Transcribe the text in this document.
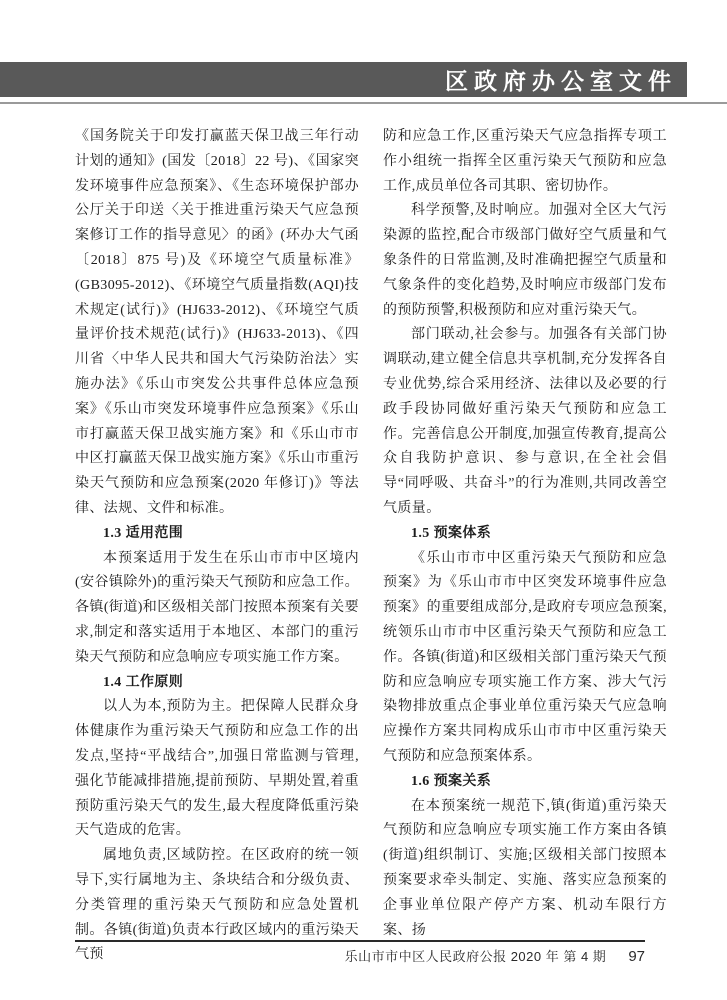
区政府办公室文件

《国务院关于印发打赢蓝天保卫战三年行动计划的通知》(国发〔2018〕22 号)、《国家突发环境事件应急预案》、《生态环境保护部办公厅关于印送〈关于推进重污染天气应急预案修订工作的指导意见〉的函》(环办大气函〔2018〕875 号)及《环境空气质量标准》(GB3095-2012)、《环境空气质量指数(AQI)技术规定(试行)》(HJ633-2012)、《环境空气质量评价技术规范(试行)》(HJ633-2013)、《四川省〈中华人民共和国大气污染防治法〉实施办法》《乐山市突发公共事件总体应急预案》《乐山市突发环境事件应急预案》《乐山市打赢蓝天保卫战实施方案》和《乐山市市中区打赢蓝天保卫战实施方案》《乐山市重污染天气预防和应急预案(2020 年修订)》等法律、法规、文件和标准。

1.3 适用范围

本预案适用于发生在乐山市市中区境内(安谷镇除外)的重污染天气预防和应急工作。各镇(街道)和区级相关部门按照本预案有关要求,制定和落实适用于本地区、本部门的重污染天气预防和应急响应专项实施工作方案。

1.4 工作原则

以人为本,预防为主。把保障人民群众身体健康作为重污染天气预防和应急工作的出发点,坚持“平战结合”,加强日常监测与管理,强化节能减排措施,提前预防、早期处置,着重预防重污染天气的发生,最大程度降低重污染天气造成的危害。

属地负责,区域防控。在区政府的统一领导下,实行属地为主、条块结合和分级负责、分类管理的重污染天气预防和应急处置机制。各镇(街道)负责本行政区域内的重污染天气预

防和应急工作,区重污染天气应急指挥专项工作小组统一指挥全区重污染天气预防和应急工作,成员单位各司其职、密切协作。

科学预警,及时响应。加强对全区大气污染源的监控,配合市级部门做好空气质量和气象条件的日常监测,及时准确把握空气质量和气象条件的变化趋势,及时响应市级部门发布的预防预警,积极预防和应对重污染天气。

部门联动,社会参与。加强各有关部门协调联动,建立健全信息共享机制,充分发挥各自专业优势,综合采用经济、法律以及必要的行政手段协同做好重污染天气预防和应急工作。完善信息公开制度,加强宣传教育,提高公众自我防护意识、参与意识,在全社会倡导“同呼吸、共奋斗”的行为准则,共同改善空气质量。

1.5 预案体系

《乐山市市中区重污染天气预防和应急预案》为《乐山市市中区突发环境事件应急预案》的重要组成部分,是政府专项应急预案,统领乐山市市中区重污染天气预防和应急工作。各镇(街道)和区级相关部门重污染天气预防和应急响应专项实施工作方案、涉大气污染物排放重点企事业单位重污染天气应急响应操作方案共同构成乐山市市中区重污染天气预防和应急预案体系。

1.6 预案关系

在本预案统一规范下,镇(街道)重污染天气预防和应急响应专项实施工作方案由各镇(街道)组织制订、实施;区级相关部门按照本预案要求牵头制定、实施、落实应急预案的企事业单位限产停产方案、机动车限行方案、扬

乐山市市中区人民政府公报 2020 年 第 4 期 97
